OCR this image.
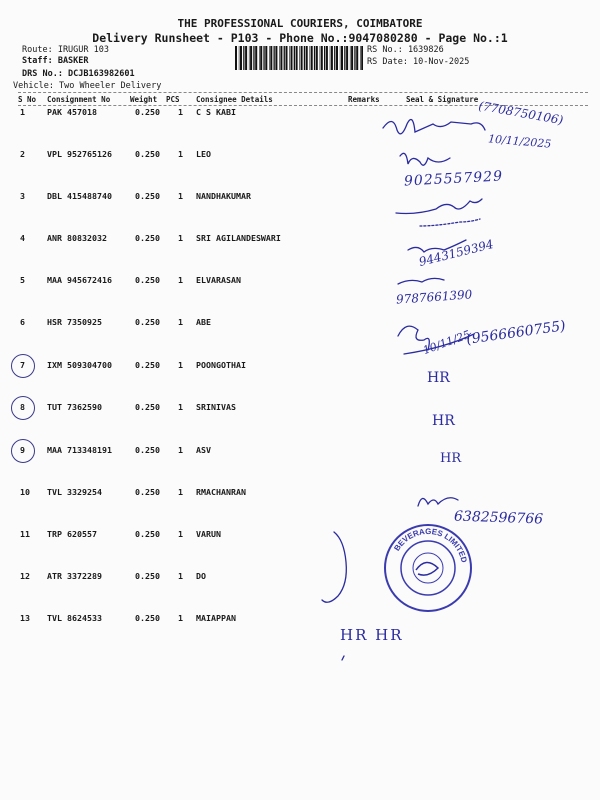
THE PROFESSIONAL COURIERS, COIMBATORE
Delivery Runsheet - P103 - Phone No.:9047080280 - Page No.:1
Route: IRUGUR 103
Staff: BASKER
DRS No.: DCJB163982601
Vehicle: Two Wheeler Delivery
RS No.: 1639826
RS Date: 10-Nov-2025
S No Consignment No	Weight PCS Consignee Details	Remarks	Seal & Signature
1	PAK 457018	0.250 1 C S KABI
2	VPL 952765126	0.250 1 LEO
3	DBL 415488740	0.250 1 NANDHAKUMAR
4	ANR 80832032	0.250 1 SRI AGILANDESWARI
5	MAA 945672416	0.250 1 ELVARASAN
6	HSR 7350925	0.250 1 ABE
7	IXM 509304700	0.250 1 POONGOTHAI
8	TUT 7362590	0.250 1 SRINIVAS
9	MAA 713348191	0.250 1 ASV
10 TVL 3329254	0.250 1 RMACHANRAN
11 TRP 620557	0.250 1 VARUN
12 ATR 3372289	0.250 1 DO
13 TVL 8624533	0.250 1 MAIAPPAN
(7708750106)
10/11/2025
9025557929
9443159394
9787661390
10/11/25
(9566660755)
HR
HR
HR
6382596766
HR HR
BEVERAGES LIMITED
